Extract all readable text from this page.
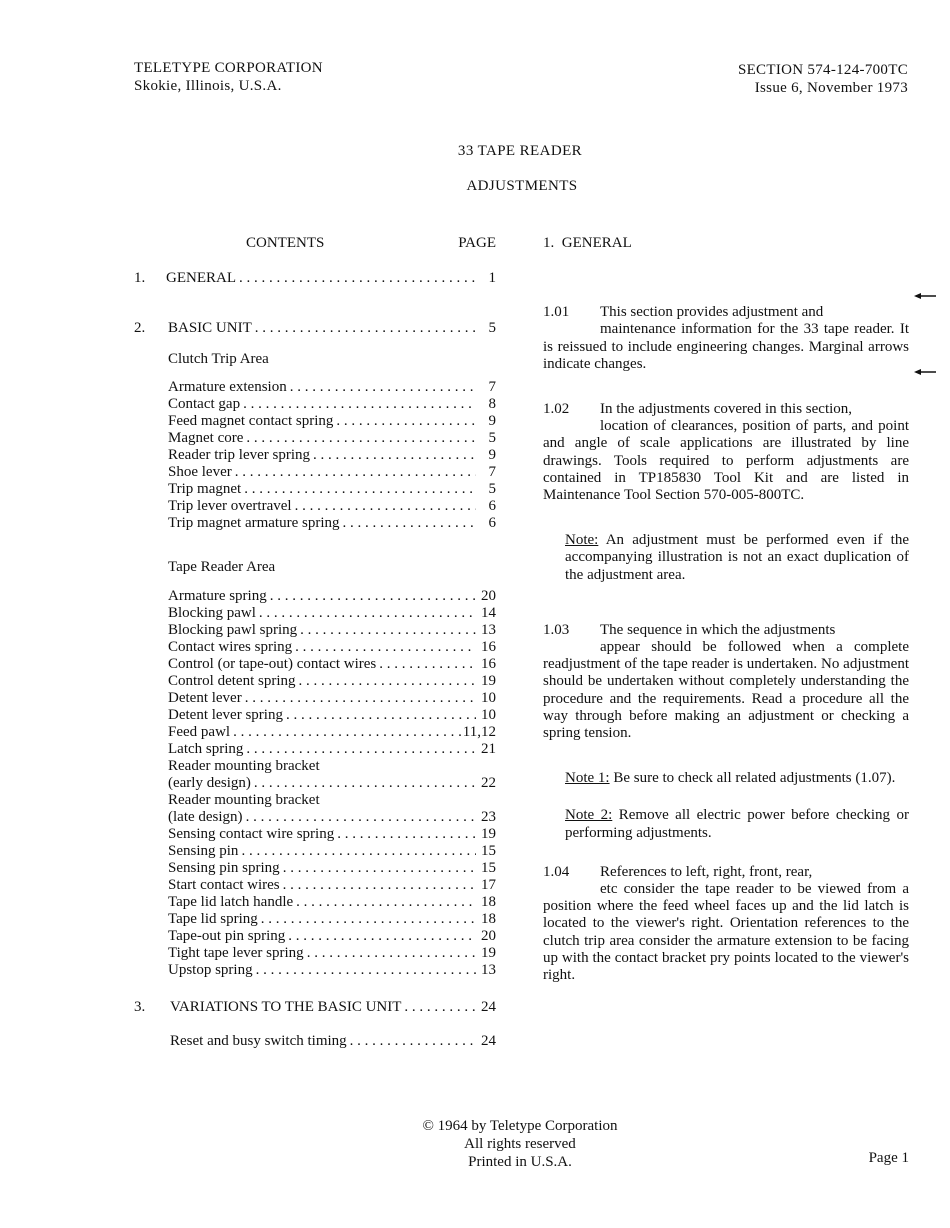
TELETYPE CORPORATION
Skokie, Illinois, U.S.A.
SECTION 574-124-700TC
Issue 6, November 1973
33 TAPE READER
ADJUSTMENTS
CONTENTS	PAGE
1.	GENERAL . . .	1
2.	BASIC UNIT . . .	5
Clutch Trip Area
Armature extension . . .	7
Contact gap . . .	8
Feed magnet contact spring . . .	9
Magnet core . . .	5
Reader trip lever spring . . .	9
Shoe lever . . .	7
Trip magnet . . .	5
Trip lever overtravel . . .	6
Trip magnet armature spring . . .	6
Tape Reader Area
Armature spring . . .	20
Blocking pawl . . .	14
Blocking pawl spring . . .	13
Contact wires spring . . .	16
Control (or tape-out) contact wires . . .	16
Control detent spring . . .	19
Detent lever . . .	10
Detent lever spring . . .	10
Feed pawl . . .	11,12
Latch spring . . .	21
Reader mounting bracket
(early design) . . .	22
Reader mounting bracket
(late design) . . .	23
Sensing contact wire spring . . .	19
Sensing pin . . .	15
Sensing pin spring . . .	15
Start contact wires . . .	17
Tape lid latch handle . . .	18
Tape lid spring . . .	18
Tape-out pin spring . . .	20
Tight tape lever spring . . .	19
Upstop spring . . .	13
3.	VARIATIONS TO THE BASIC UNIT . . .	24
Reset and busy switch timing . . .	24
1.  GENERAL
1.01 This section provides adjustment and
maintenance information for the 33 tape reader. It is reissued to include engineering changes. Marginal arrows indicate changes.
1.02 In the adjustments covered in this section,
location of clearances, position of parts, and point and angle of scale applications are illustrated by line drawings. Tools required to perform adjustments are contained in TP185830 Tool Kit and are listed in Maintenance Tool Section 570-005-800TC.
Note: An adjustment must be performed even if the accompanying illustration is not an exact duplication of the adjustment area.
1.03 The sequence in which the adjustments
appear should be followed when a complete readjustment of the tape reader is undertaken. No adjustment should be undertaken without completely understanding the procedure and the requirements. Read a procedure all the way through before making an adjustment or checking a spring tension.
Note 1: Be sure to check all related adjustments (1.07).
Note 2: Remove all electric power before checking or performing adjustments.
1.04 References to left, right, front, rear,
etc consider the tape reader to be viewed from a position where the feed wheel faces up and the lid latch is located to the viewer's right. Orientation references to the clutch trip area consider the armature extension to be facing up with the contact bracket pry points located to the viewer's right.
© 1964 by Teletype Corporation
All rights reserved
Printed in U.S.A.	Page 1
